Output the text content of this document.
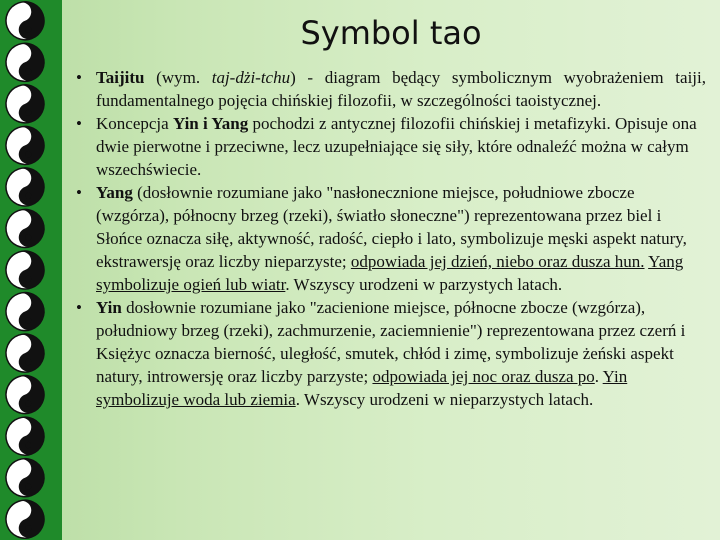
Symbol tao
• Taijitu (wym. taj-dżi-tchu) - diagram będący symbolicznym wyobrażeniem taiji, fundamentalnego pojęcia chińskiej filozofii, w szczególności taoistycznej.
• Koncepcja Yin i Yang pochodzi z antycznej filozofii chińskiej i metafizyki. Opisuje ona dwie pierwotne i przeciwne, lecz uzupełniające się siły, które odnaleźć można w całym wszechświecie.
• Yang (dosłownie rozumiane jako "nasłonecznione miejsce, południowe zbocze (wzgórza), północny brzeg (rzeki), światło słoneczne") reprezentowana przez biel i Słońce oznacza siłę, aktywność, radość, ciepło i lato, symbolizuje męski aspekt natury, ekstrawersję oraz liczby nieparzyste; odpowiada jej dzień, niebo oraz dusza hun. Yang symbolizuje ogień lub wiatr. Wszyscy urodzeni w parzystych latach.
• Yin dosłownie rozumiane jako "zacienione miejsce, północne zbocze (wzgórza), południowy brzeg (rzeki), zachmurzenie, zaciemnienie") reprezentowana przez czerń i Księżyc oznacza bierność, uległość, smutek, chłód i zimę, symbolizuje żeński aspekt natury, introwersję oraz liczby parzyste; odpowiada jej noc oraz dusza po. Yin symbolizuje woda lub ziemia. Wszyscy urodzeni w nieparzystych latach.
